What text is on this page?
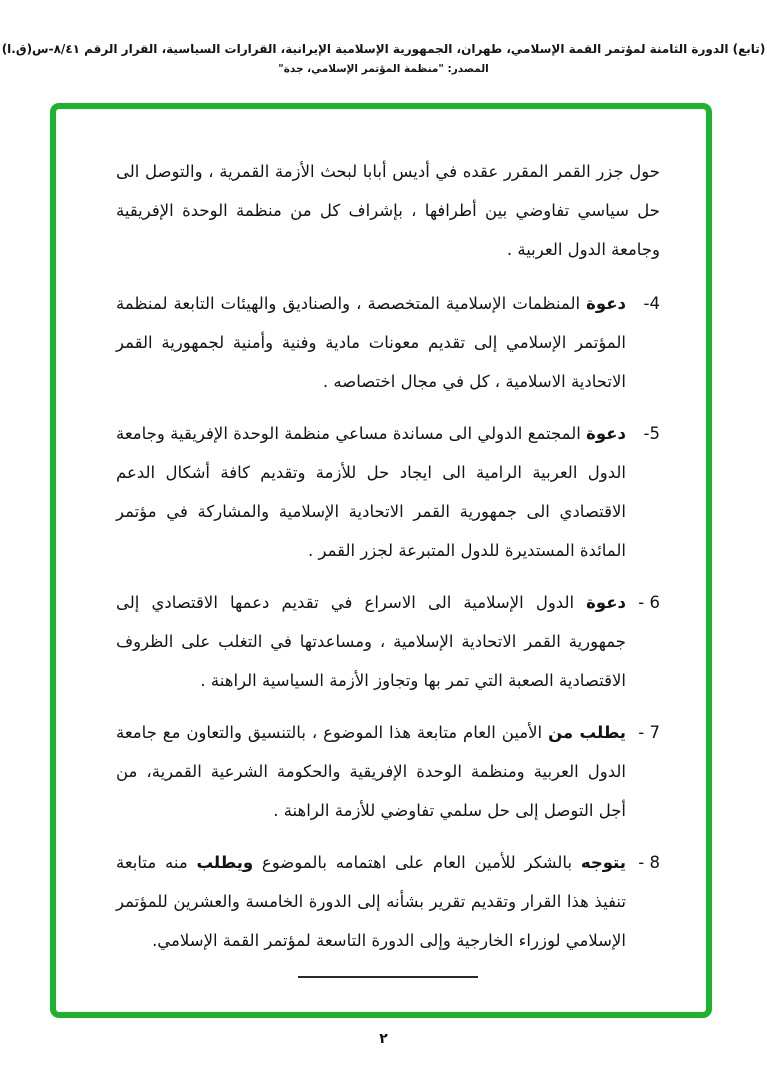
(تابع) الدورة الثامنة لمؤتمر القمة الإسلامي، طهران، الجمهورية الإسلامية الإيرانية، القرارات السياسية، القرار الرقم ٨/٤١-س(ق.ا)
المصدر: "منظمة المؤتمر الإسلامي، جدة"

حول جزر القمر المقرر عقده في أديس أبابا لبحث الأزمة القمرية ، والتوصل الى حل سياسي تفاوضي بين أطرافها ، بإشراف كل من منظمة الوحدة الإفريقية وجامعة الدول العربية .

4-
دعوة المنظمات الإسلامية المتخصصة ، والصناديق والهيئات التابعة لمنظمة المؤتمر الإسلامي إلى تقديم معونات مادية وفنية وأمنية لجمهورية القمر الاتحادية الاسلامية ، كل في مجال اختصاصه .
5-
دعوة المجتمع الدولي الى مساندة مساعي منظمة الوحدة الإفريقية وجامعة الدول العربية الرامية الى ايجاد حل للأزمة وتقديم كافة أشكال الدعم الاقتصادي الى جمهورية القمر الاتحادية الإسلامية والمشاركة في مؤتمر المائدة المستديرة للدول المتبرعة لجزر القمر .
6 -
دعوة الدول الإسلامية الى الاسراع في تقديم دعمها الاقتصادي إلى جمهورية القمر الاتحادية الإسلامية ، ومساعدتها في التغلب على الظروف الاقتصادية الصعبة التي تمر بها وتجاوز الأزمة السياسية الراهنة .
7 -
يطلب من الأمين العام متابعة هذا الموضوع ، بالتنسيق والتعاون مع جامعة الدول العربية ومنظمة الوحدة الإفريقية والحكومة الشرعية القمرية، من أجل التوصل إلى حل سلمي تفاوضي للأزمة الراهنة .
8 -
يتوجه بالشكر للأمين العام على اهتمامه بالموضوع ويطلب منه متابعة تنفيذ هذا القرار وتقديم تقرير بشأنه إلى الدورة الخامسة والعشرين للمؤتمر الإسلامي لوزراء الخارجية وإلى الدورة التاسعة لمؤتمر القمة الإسلامي.
٢
